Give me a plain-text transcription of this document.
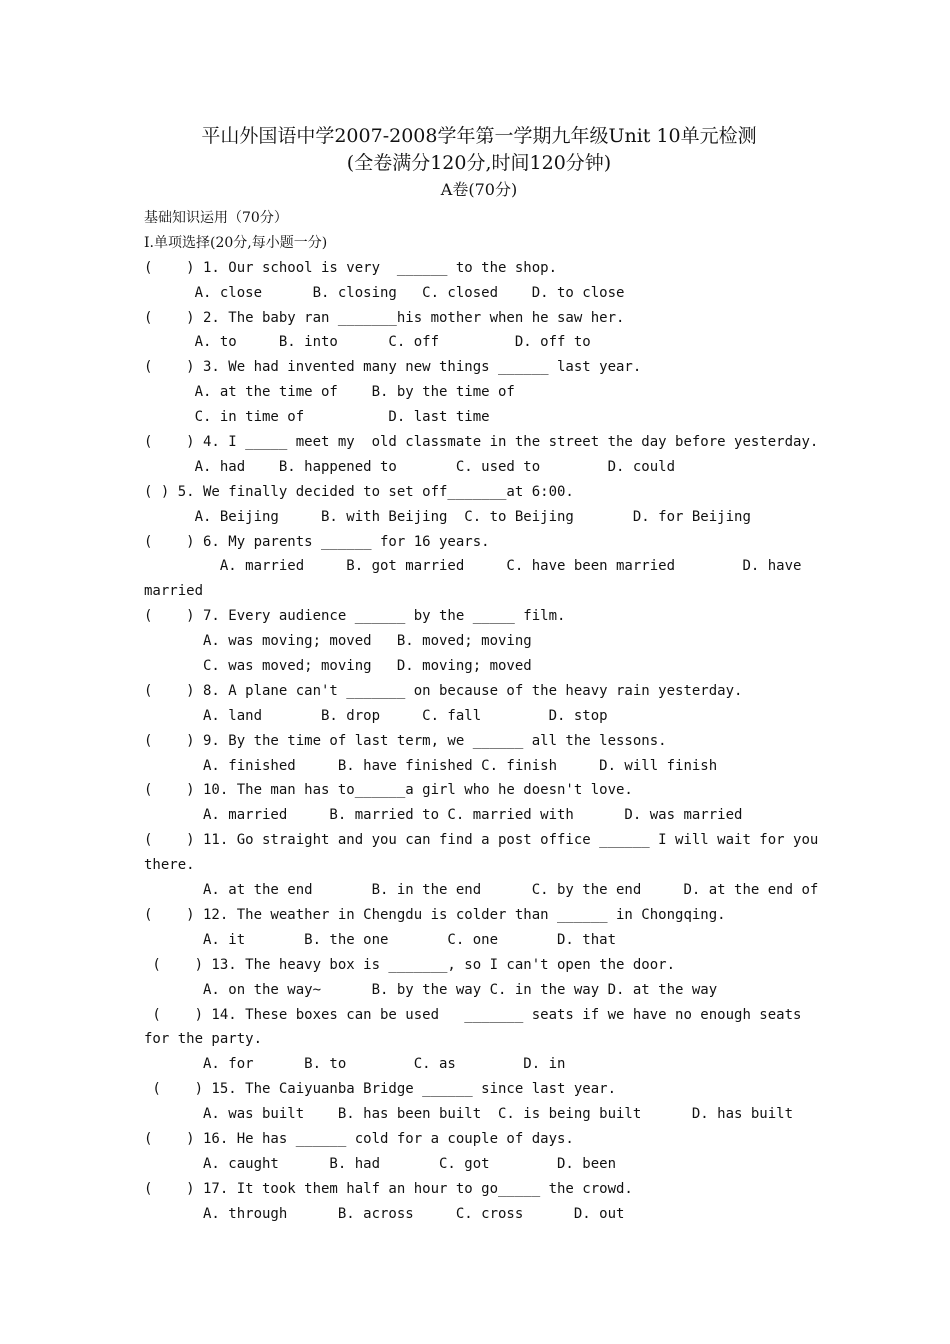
平山外国语中学2007-2008学年第一学期九年级Unit 10单元检测
(全卷满分120分,时间120分钟)
A卷(70分)
基础知识运用（70分）
I.单项选择(20分,每小题一分)
(    ) 1. Our school is very  ______ to the shop.
A. close      B. closing   C. closed    D. to close
(    ) 2. The baby ran _______his mother when he saw her.
A. to     B. into      C. off         D. off to
(    ) 3. We had invented many new things ______ last year.
A. at the time of    B. by the time of
C. in time of          D. last time
(    ) 4. I _____ meet my  old classmate in the street the day before yesterday.
A. had    B. happened to       C. used to        D. could
( ) 5. We finally decided to set off_______at 6:00.
A. Beijing     B. with Beijing  C. to Beijing       D. for Beijing
(    ) 6. My parents ______ for 16 years.
A. married     B. got married     C. have been married        D. have
married
(    ) 7. Every audience ______ by the _____ film.
A. was moving; moved   B. moved; moving
C. was moved; moving   D. moving; moved
(    ) 8. A plane can't _______ on because of the heavy rain yesterday.
A. land       B. drop     C. fall        D. stop
(    ) 9. By the time of last term, we ______ all the lessons.
A. finished     B. have finished C. finish     D. will finish
(    ) 10. The man has to______a girl who he doesn't love.
A. married     B. married to C. married with      D. was married
(    ) 11. Go straight and you can find a post office ______ I will wait for you
there.
A. at the end       B. in the end      C. by the end     D. at the end of
(    ) 12. The weather in Chengdu is colder than ______ in Chongqing.
A. it       B. the one       C. one       D. that
(    ) 13. The heavy box is _______, so I can't open the door.
A. on the way~      B. by the way C. in the way D. at the way
(    ) 14. These boxes can be used   _______ seats if we have no enough seats
for the party.
A. for      B. to        C. as        D. in
(    ) 15. The Caiyuanba Bridge ______ since last year.
A. was built    B. has been built  C. is being built      D. has built
(    ) 16. He has ______ cold for a couple of days.
A. caught      B. had       C. got        D. been
(    ) 17. It took them half an hour to go_____ the crowd.
A. through      B. across     C. cross      D. out
